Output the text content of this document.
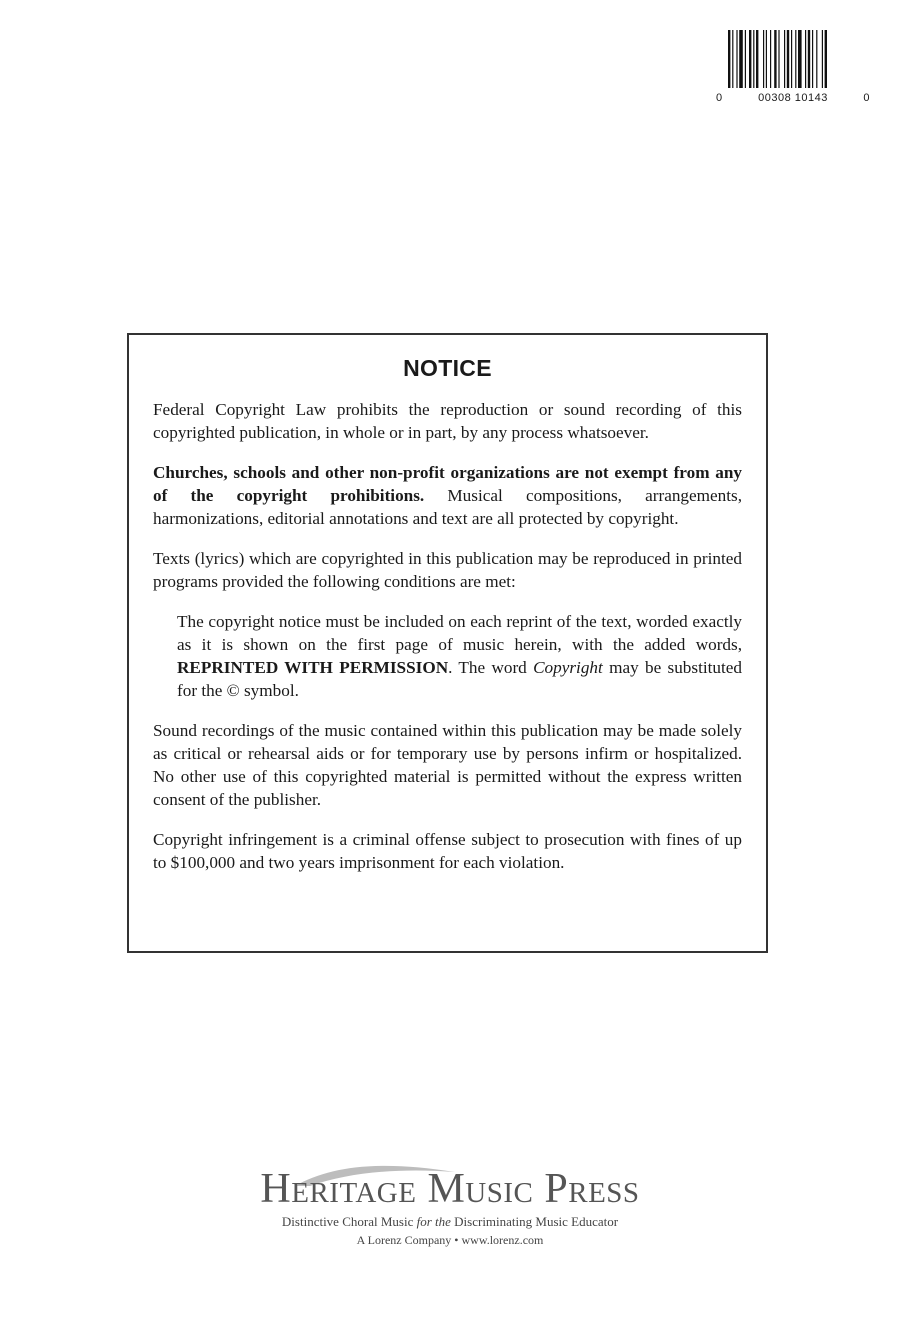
0	00308 10143	0
NOTICE

Federal Copyright Law prohibits the reproduction or sound recording of this copyrighted publication, in whole or in part, by any process whatsoever.

Churches, schools and other non-profit organizations are not exempt from any of the copyright prohibitions. Musical compositions, arrangements, harmonizations, editorial annotations and text are all protected by copyright.

Texts (lyrics) which are copyrighted in this publication may be reproduced in printed programs provided the following conditions are met:

The copyright notice must be included on each reprint of the text, worded exactly as it is shown on the first page of music herein, with the added words, REPRINTED WITH PERMISSION. The word Copyright may be substituted for the © symbol.

Sound recordings of the music contained within this publication may be made solely as critical or rehearsal aids or for temporary use by persons infirm or hospitalized. No other use of this copyrighted material is permitted without the express written consent of the publisher.

Copyright infringement is a criminal offense subject to prosecution with fines of up to $100,000 and two years imprisonment for each violation.

Heritage Music Press
Distinctive Choral Music for the Discriminating Music Educator
A Lorenz Company • www.lorenz.com
